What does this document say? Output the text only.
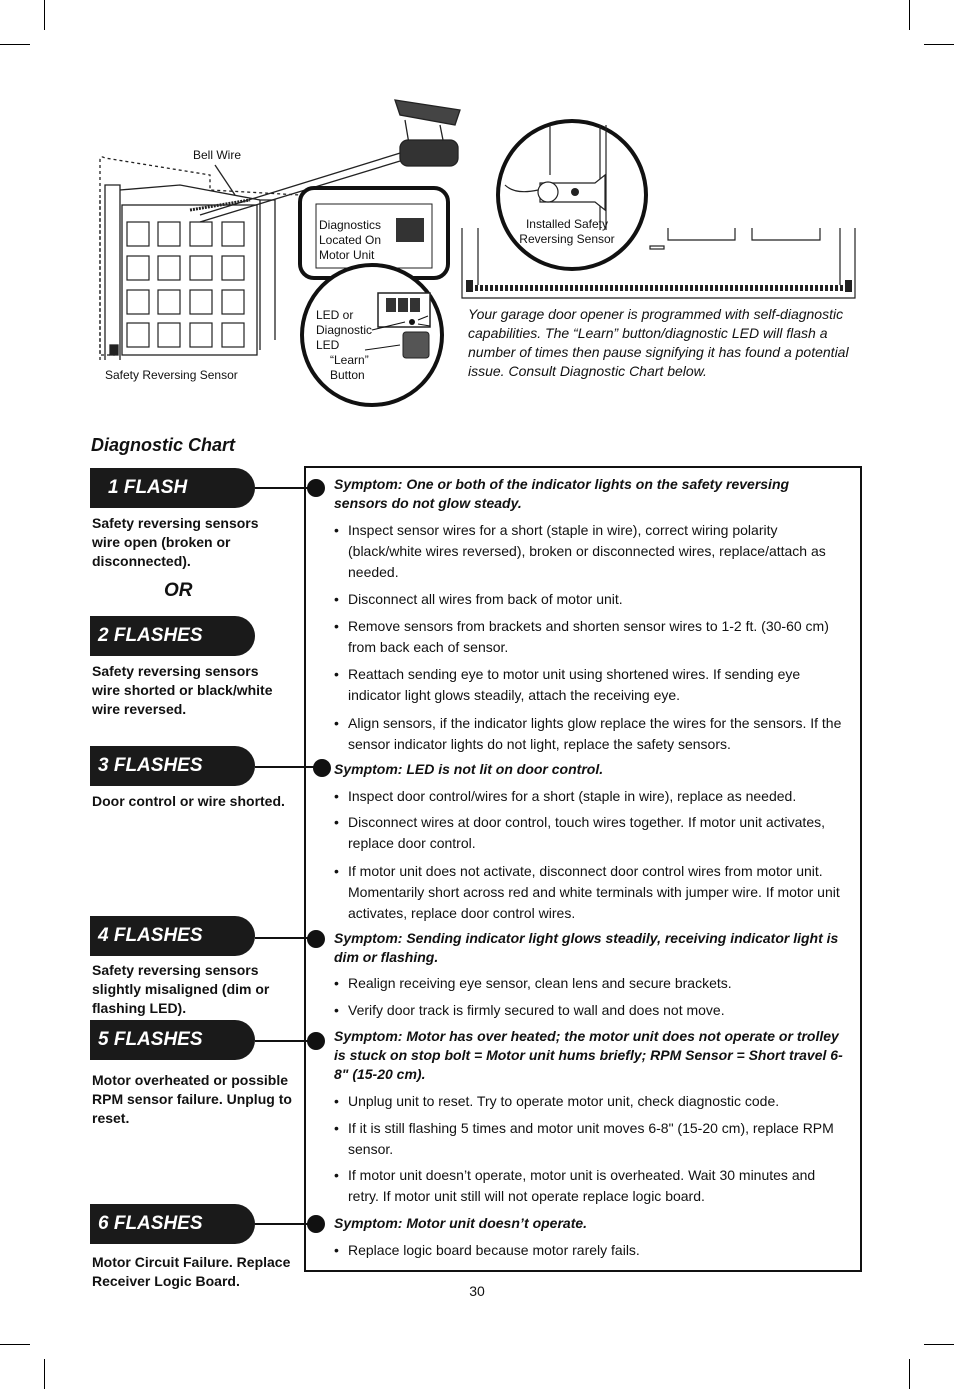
Bell Wire
Safety Reversing Sensor
Diagnostics Located On Motor Unit
LED or Diagnostic LED
“Learn” Button
Installed Safety Reversing Sensor
Your garage door opener is programmed with self-diagnostic capabilities. The “Learn” button/diagnostic LED will flash a number of times then pause signifying it has found a potential issue. Consult Diagnostic Chart below.
Diagnostic Chart
1 FLASH
Safety reversing sensors wire open (broken or disconnected).
OR
2 FLASHES
Safety reversing sensors wire shorted or black/white wire reversed.
3 FLASHES
Door control or wire shorted.
4 FLASHES
Safety reversing sensors slightly misaligned (dim or flashing LED).
5 FLASHES
Motor overheated or possible RPM sensor failure. Unplug to reset.
6 FLASHES
Motor Circuit Failure. Replace Receiver Logic Board.
Symptom: One or both of the indicator lights on the safety reversing sensors do not glow steady.
• Inspect sensor wires for a short (staple in wire), correct wiring polarity (black/white wires reversed), broken or disconnected wires, replace/attach as needed.
• Disconnect all wires from back of motor unit.
• Remove sensors from brackets and shorten sensor wires to 1-2 ft. (30-60 cm) from back each of sensor.
• Reattach sending eye to motor unit using shortened wires. If sending eye indicator light glows steadily, attach the receiving eye.
• Align sensors, if the indicator lights glow replace the wires for the sensors. If the sensor indicator lights do not light, replace the safety sensors.
Symptom: LED is not lit on door control.
• Inspect door control/wires for a short (staple in wire), replace as needed.
• Disconnect wires at door control, touch wires together. If motor unit activates, replace door control.
• If motor unit does not activate, disconnect door control wires from motor unit. Momentarily short across red and white terminals with jumper wire. If motor unit activates, replace door control wires.
Symptom: Sending indicator light glows steadily, receiving indicator light is dim or flashing.
• Realign receiving eye sensor, clean lens and secure brackets.
• Verify door track is firmly secured to wall and does not move.
Symptom: Motor has over heated; the motor unit does not operate or trolley is stuck on stop bolt = Motor unit hums briefly; RPM Sensor = Short travel 6-8" (15-20 cm).
• Unplug unit to reset. Try to operate motor unit, check diagnostic code.
• If it is still flashing 5 times and motor unit moves 6-8" (15-20 cm), replace RPM sensor.
• If motor unit doesn’t operate, motor unit is overheated. Wait 30 minutes and retry. If motor unit still will not operate replace logic board.
Symptom: Motor unit doesn’t operate.
• Replace logic board because motor rarely fails.
30
